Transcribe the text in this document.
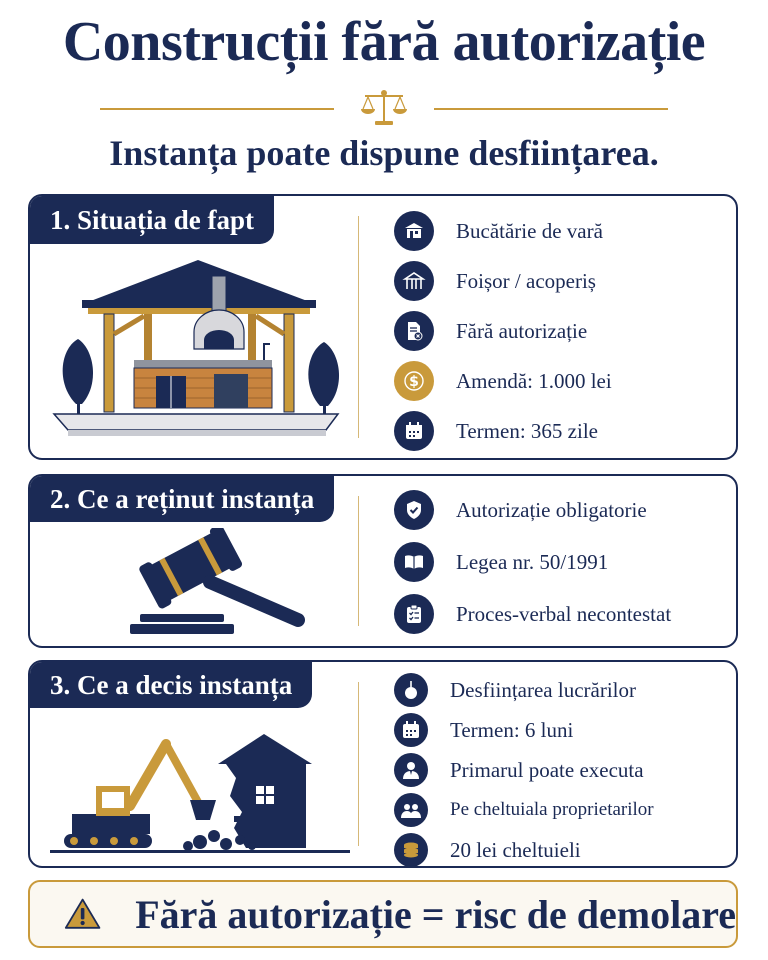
Construcții fără autorizație
Instanța poate dispune desființarea.
1. Situația de fapt	Bucătărie de vară
Foișor / acoperiș
Fără autorizație
$ Amendă: 1.000 lei
Termen: 365 zile
2. Ce a reținut instanța	Autorizație obligatorie
Legea nr. 50/1991
Proces-verbal necontestat
3. Ce a decis instanța	Desființarea lucrărilor
Termen: 6 luni
Primarul poate executa
Pe cheltuiala proprietarilor
20 lei cheltuieli
Fără autorizație = risc de demolare
